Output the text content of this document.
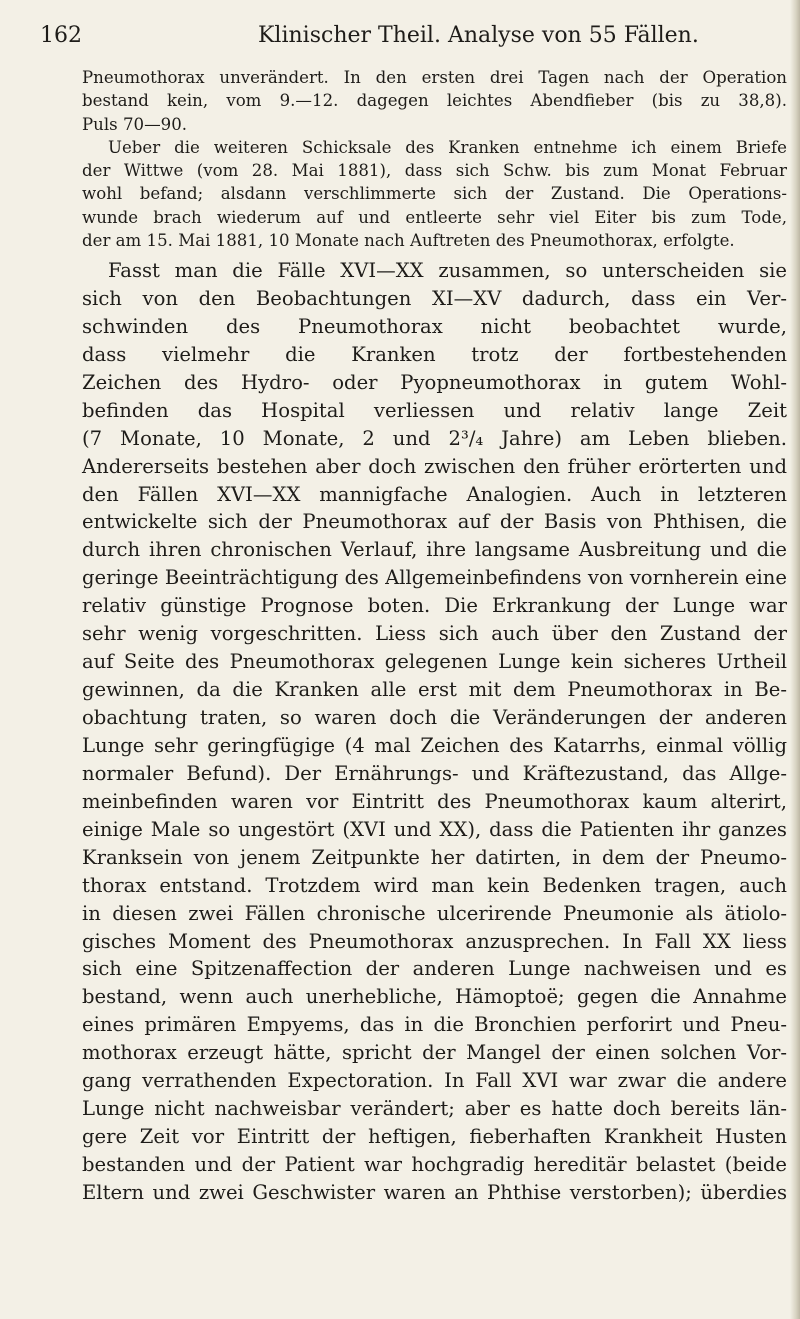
162	Klinischer Theil. Analyse von 55 Fällen.
Pneumothorax unverändert. In den ersten drei Tagen nach der Operation
bestand kein, vom 9.—12. dagegen leichtes Abendfieber (bis zu 38,8).
Puls 70—90.
Ueber die weiteren Schicksale des Kranken entnehme ich einem Briefe
der Wittwe (vom 28. Mai 1881), dass sich Schw. bis zum Monat Februar
wohl befand; alsdann verschlimmerte sich der Zustand. Die Operations-
wunde brach wiederum auf und entleerte sehr viel Eiter bis zum Tode,
der am 15. Mai 1881, 10 Monate nach Auftreten des Pneumothorax, erfolgte.
Fasst man die Fälle XVI—XX zusammen, so unterscheiden sie
sich von den Beobachtungen XI—XV dadurch, dass ein Ver-
schwinden des Pneumothorax nicht beobachtet wurde,
dass vielmehr die Kranken trotz der fortbestehenden
Zeichen des Hydro- oder Pyopneumothorax in gutem Wohl-
befinden das Hospital verliessen und relativ lange Zeit
(7 Monate, 10 Monate, 2 und 2³/₄ Jahre) am Leben blieben.
Andererseits bestehen aber doch zwischen den früher erörterten und
den Fällen XVI—XX mannigfache Analogien. Auch in letzteren
entwickelte sich der Pneumothorax auf der Basis von Phthisen, die
durch ihren chronischen Verlauf, ihre langsame Ausbreitung und die
geringe Beeinträchtigung des Allgemeinbefindens von vornherein eine
relativ günstige Prognose boten. Die Erkrankung der Lunge war
sehr wenig vorgeschritten. Liess sich auch über den Zustand der
auf Seite des Pneumothorax gelegenen Lunge kein sicheres Urtheil
gewinnen, da die Kranken alle erst mit dem Pneumothorax in Be-
obachtung traten, so waren doch die Veränderungen der anderen
Lunge sehr geringfügige (4 mal Zeichen des Katarrhs, einmal völlig
normaler Befund). Der Ernährungs- und Kräftezustand, das Allge-
meinbefinden waren vor Eintritt des Pneumothorax kaum alterirt,
einige Male so ungestört (XVI und XX), dass die Patienten ihr ganzes
Kranksein von jenem Zeitpunkte her datirten, in dem der Pneumo-
thorax entstand. Trotzdem wird man kein Bedenken tragen, auch
in diesen zwei Fällen chronische ulcerirende Pneumonie als ätiolo-
gisches Moment des Pneumothorax anzusprechen. In Fall XX liess
sich eine Spitzenaffection der anderen Lunge nachweisen und es
bestand, wenn auch unerhebliche, Hämoptoë; gegen die Annahme
eines primären Empyems, das in die Bronchien perforirt und Pneu-
mothorax erzeugt hätte, spricht der Mangel der einen solchen Vor-
gang verrathenden Expectoration. In Fall XVI war zwar die andere
Lunge nicht nachweisbar verändert; aber es hatte doch bereits län-
gere Zeit vor Eintritt der heftigen, fieberhaften Krankheit Husten
bestanden und der Patient war hochgradig hereditär belastet (beide
Eltern und zwei Geschwister waren an Phthise verstorben); überdies
